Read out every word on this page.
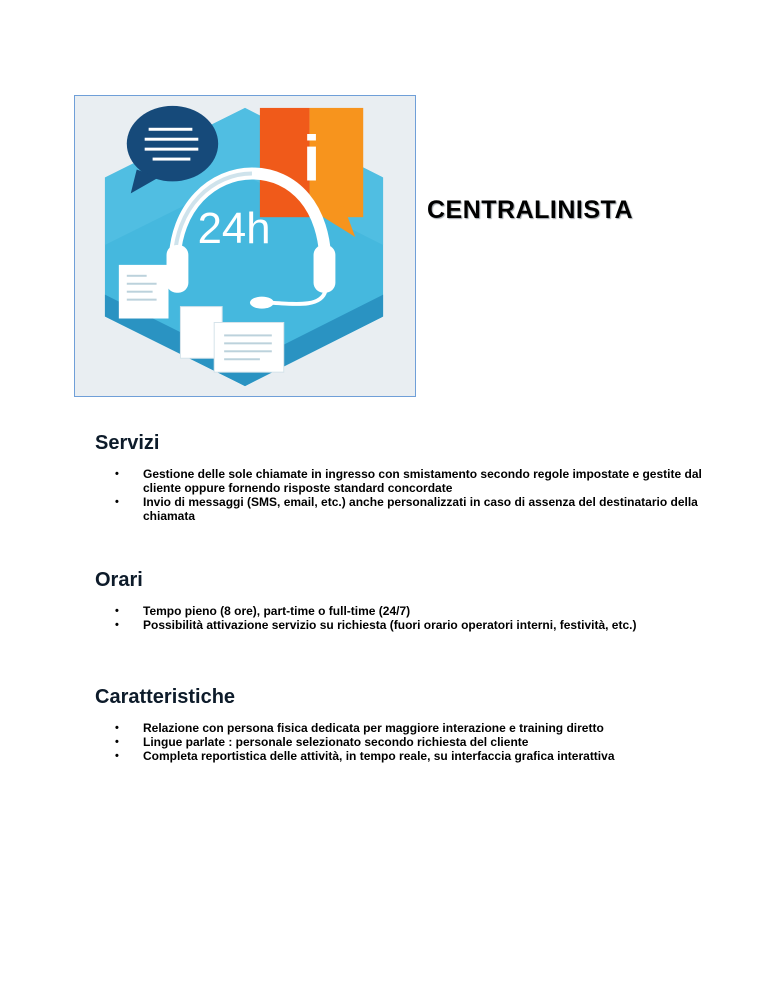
i
24h	CENTRALINISTA
Servizi
• Gestione delle sole chiamate in ingresso con smistamento secondo regole impostate e gestite dal cliente oppure fornendo risposte standard concordate
• Invio di messaggi (SMS, email, etc.) anche personalizzati in caso di assenza del destinatario della chiamata
Orari
• Tempo pieno (8 ore), part-time o full-time (24/7)
• Possibilità attivazione servizio su richiesta (fuori orario operatori interni, festività, etc.)
Caratteristiche
• Relazione con persona fisica dedicata per maggiore interazione e training diretto
• Lingue parlate : personale selezionato secondo richiesta del cliente
• Completa reportistica delle attività, in tempo reale, su interfaccia grafica interattiva
